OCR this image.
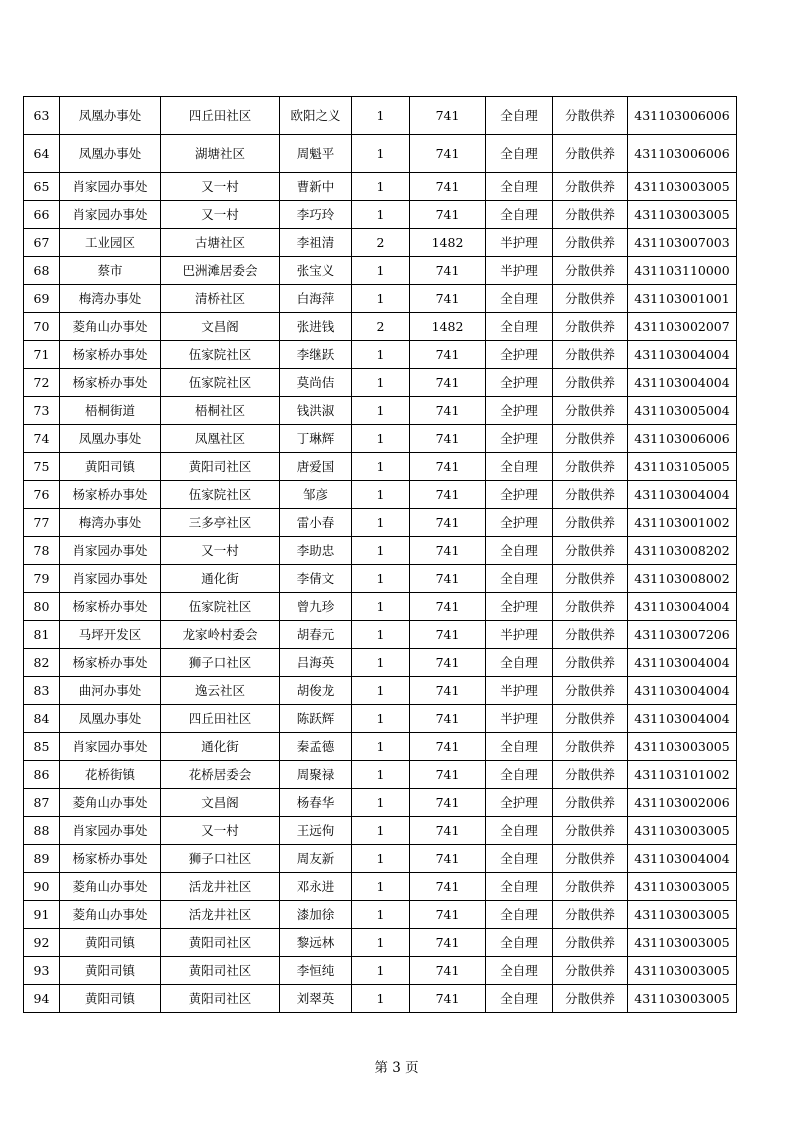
63	凤凰办事处	四丘田社区	欧阳之义	1	741	全自理	分散供养	431103006006
64	凤凰办事处	湖塘社区	周魁平	1	741	全自理	分散供养	431103006006
65	肖家园办事处	又一村	曹新中	1	741	全自理	分散供养	431103003005
66	肖家园办事处	又一村	李巧玲	1	741	全自理	分散供养	431103003005
67	工业园区	古塘社区	李祖清	2	1482	半护理	分散供养	431103007003
68	蔡市	巴洲滩居委会	张宝义	1	741	半护理	分散供养	431103110000
69	梅湾办事处	清桥社区	白海萍	1	741	全自理	分散供养	431103001001
70	菱角山办事处	文昌阁	张进钱	2	1482	全自理	分散供养	431103002007
71	杨家桥办事处	伍家院社区	李继跃	1	741	全护理	分散供养	431103004004
72	杨家桥办事处	伍家院社区	莫尚佶	1	741	全护理	分散供养	431103004004
73	梧桐街道	梧桐社区	钱洪淑	1	741	全护理	分散供养	431103005004
74	凤凰办事处	凤凰社区	丁琳辉	1	741	全护理	分散供养	431103006006
75	黄阳司镇	黄阳司社区	唐爱国	1	741	全自理	分散供养	431103105005
76	杨家桥办事处	伍家院社区	邹彦	1	741	全护理	分散供养	431103004004
77	梅湾办事处	三多亭社区	雷小春	1	741	全护理	分散供养	431103001002
78	肖家园办事处	又一村	李助忠	1	741	全自理	分散供养	431103008202
79	肖家园办事处	通化街	李倩文	1	741	全自理	分散供养	431103008002
80	杨家桥办事处	伍家院社区	曾九珍	1	741	全护理	分散供养	431103004004
81	马坪开发区	龙家岭村委会	胡春元	1	741	半护理	分散供养	431103007206
82	杨家桥办事处	狮子口社区	吕海英	1	741	全自理	分散供养	431103004004
83	曲河办事处	逸云社区	胡俊龙	1	741	半护理	分散供养	431103004004
84	凤凰办事处	四丘田社区	陈跃辉	1	741	半护理	分散供养	431103004004
85	肖家园办事处	通化街	秦孟德	1	741	全自理	分散供养	431103003005
86	花桥街镇	花桥居委会	周聚禄	1	741	全自理	分散供养	431103101002
87	菱角山办事处	文昌阁	杨春华	1	741	全护理	分散供养	431103002006
88	肖家园办事处	又一村	王远佝	1	741	全自理	分散供养	431103003005
89	杨家桥办事处	狮子口社区	周友新	1	741	全自理	分散供养	431103004004
90	菱角山办事处	活龙井社区	邓永进	1	741	全自理	分散供养	431103003005
91	菱角山办事处	活龙井社区	漆加徐	1	741	全自理	分散供养	431103003005
92	黄阳司镇	黄阳司社区	黎远林	1	741	全自理	分散供养	431103003005
93	黄阳司镇	黄阳司社区	李恒纯	1	741	全自理	分散供养	431103003005
94	黄阳司镇	黄阳司社区	刘翠英	1	741	全自理	分散供养	431103003005
第 3 页
